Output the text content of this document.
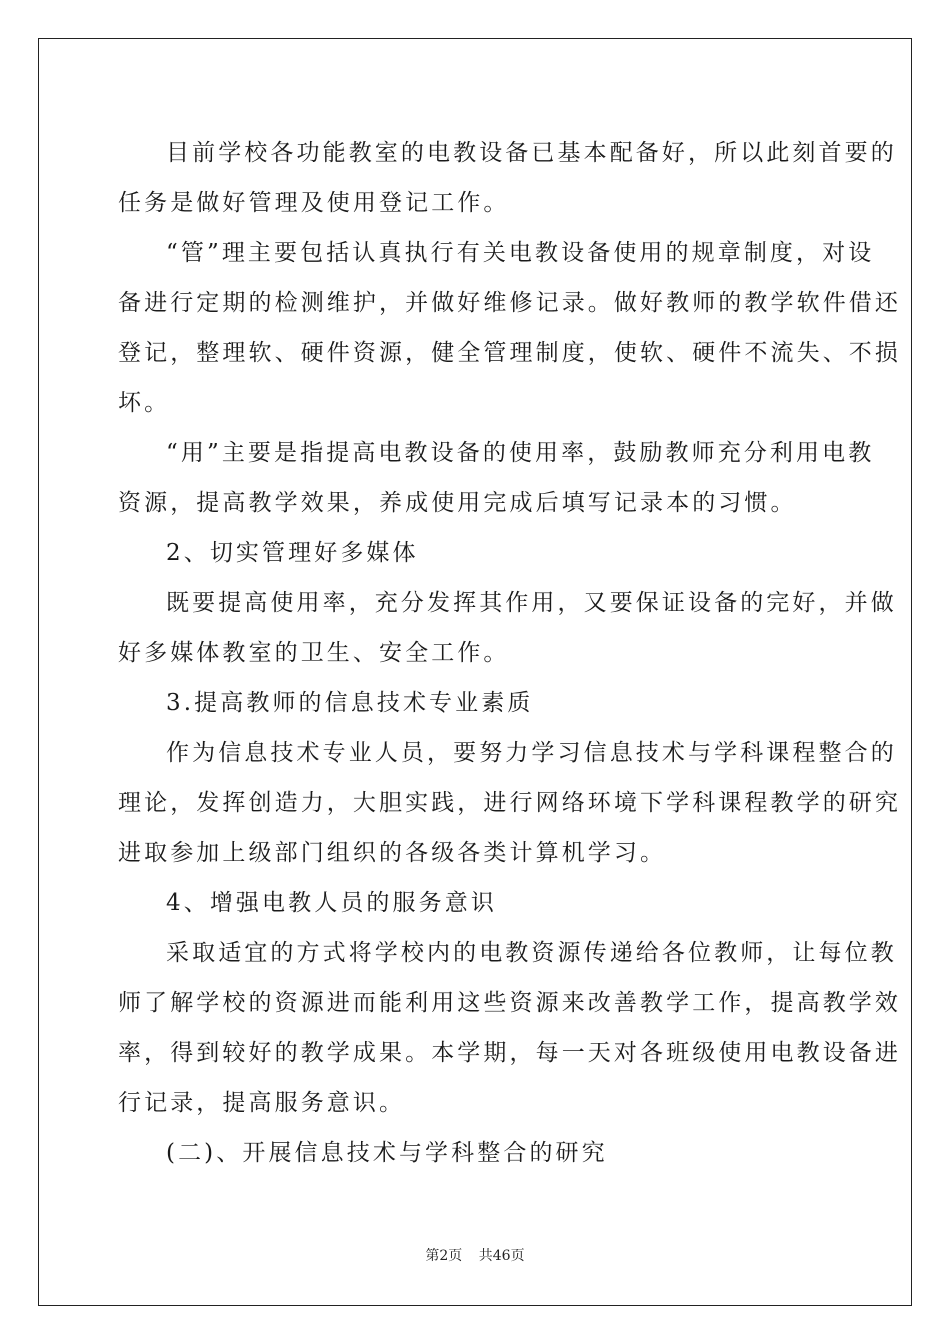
目前学校各功能教室的电教设备已基本配备好，所以此刻首要的
任务是做好管理及使用登记工作。
“管”理主要包括认真执行有关电教设备使用的规章制度，对设
备进行定期的检测维护，并做好维修记录。做好教师的教学软件借还
登记，整理软、硬件资源，健全管理制度，使软、硬件不流失、不损
坏。
“用”主要是指提高电教设备的使用率，鼓励教师充分利用电教
资源，提高教学效果，养成使用完成后填写记录本的习惯。
2、切实管理好多媒体
既要提高使用率，充分发挥其作用，又要保证设备的完好，并做
好多媒体教室的卫生、安全工作。
3.提高教师的信息技术专业素质
作为信息技术专业人员，要努力学习信息技术与学科课程整合的
理论，发挥创造力，大胆实践，进行网络环境下学科课程教学的研究
进取参加上级部门组织的各级各类计算机学习。
4、增强电教人员的服务意识
采取适宜的方式将学校内的电教资源传递给各位教师，让每位教
师了解学校的资源进而能利用这些资源来改善教学工作，提高教学效
率，得到较好的教学成果。本学期，每一天对各班级使用电教设备进
行记录，提高服务意识。
(二)、开展信息技术与学科整合的研究
第2页 共46页
